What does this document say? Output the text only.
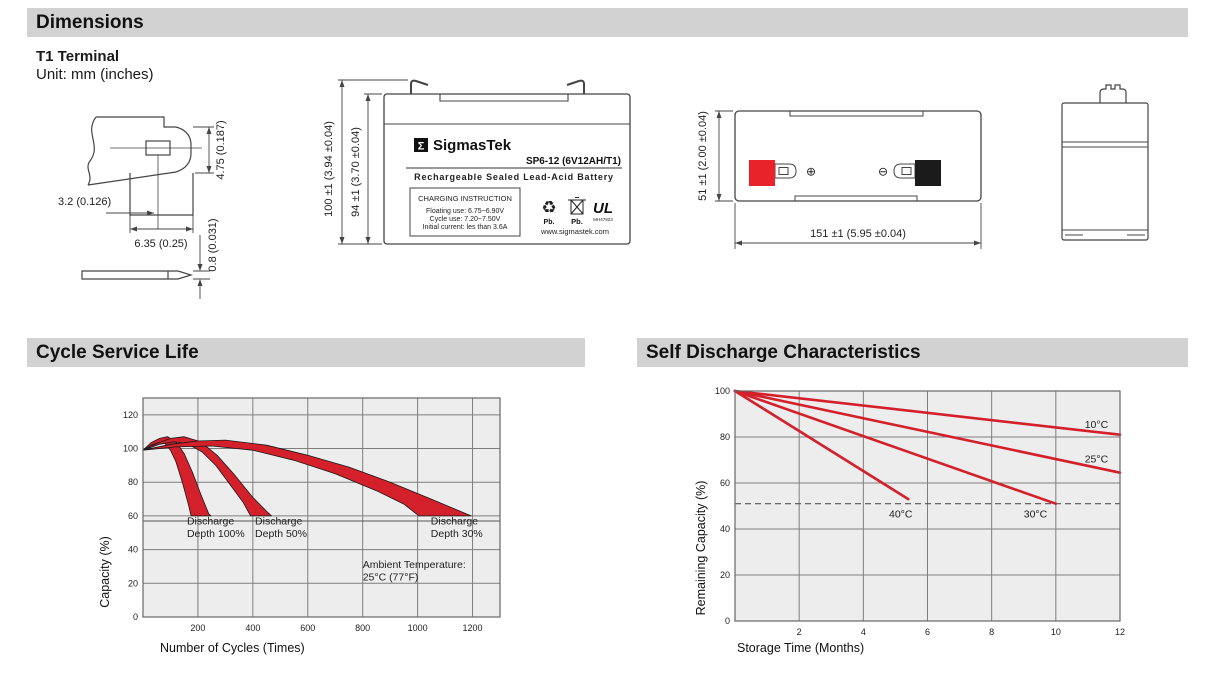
Dimensions
T1 Terminal
Unit: mm (inches)
3.2 (0.126)
6.35 (0.25)
4.75 (0.187)
0.8 (0.031)
Σ SigmasTek
SP6-12 (6V12AH/T1)
Rechargeable Sealed Lead-Acid Battery
CHARGING INSTRUCTION
Floating use: 6.75~6.90V
Cycle use: 7.20~7.50V
Initial current: les than 3.6A
♻
Pb. Pb.
UL
MH47923
www.sigmastek.com
100 ±1 (3.94 ±0.04) 94 ±1 (3.70 ±0.04)	⊕	⊖
151 ±1 (5.95 ±0.04)
51 ±1 (2.00 ±0.04)
Cycle Service Life	Self Discharge Characteristics
Discharge
Depth 100%
Discharge
Depth 50%
Discharge
Depth 30%
Ambient Temperature:
25°C (77°F)
200	400	600	800	1000	1200
0
20
40
60
80
100
120
Number of Cycles (Times)
Capacity (%)
10°C
25°C
30°C
40°C
2	4	6	8	10	12
0
20
40
60
80
100
Storage Time (Months)
Remaining Capacity (%)
